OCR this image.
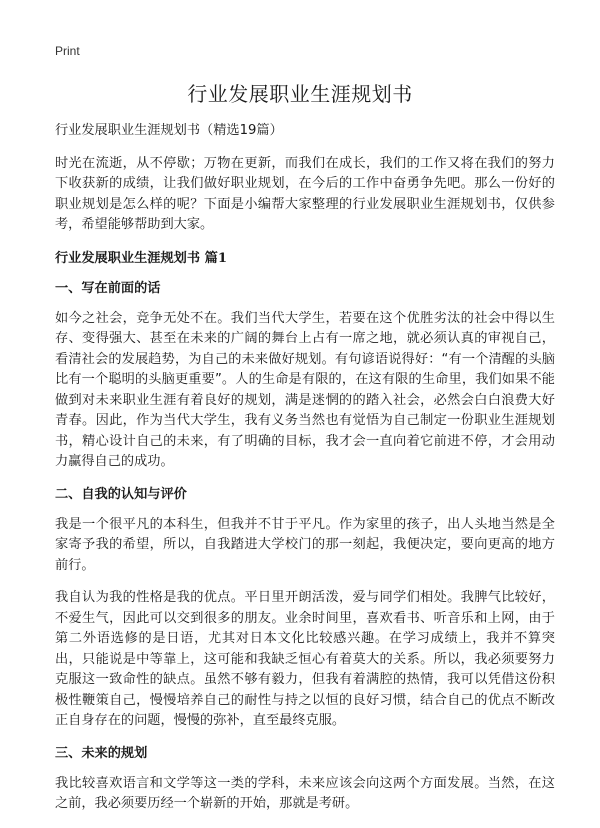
Print
行业发展职业生涯规划书

行业发展职业生涯规划书（精选19篇）

时光在流逝，从不停歇；万物在更新，而我们在成长，我们的工作又将在我们的努力下收获新的成绩，让我们做好职业规划，在今后的工作中奋勇争先吧。那么一份好的职业规划是怎么样的呢？下面是小编帮大家整理的行业发展职业生涯规划书，仅供参考，希望能够帮助到大家。

行业发展职业生涯规划书 篇1
一、写在前面的话

如今之社会，竞争无处不在。我们当代大学生，若要在这个优胜劣汰的社会中得以生存、变得强大、甚至在未来的广阔的舞台上占有一席之地，就必须认真的审视自己，看清社会的发展趋势，为自己的未来做好规划。有句谚语说得好：“有一个清醒的头脑比有一个聪明的头脑更重要”。人的生命是有限的，在这有限的生命里，我们如果不能做到对未来职业生涯有着良好的规划，满是迷惘的的踏入社会，必然会白白浪费大好青春。因此，作为当代大学生，我有义务当然也有觉悟为自己制定一份职业生涯规划书，精心设计自己的未来，有了明确的目标，我才会一直向着它前进不停，才会用动力赢得自己的成功。

二、自我的认知与评价

我是一个很平凡的本科生，但我并不甘于平凡。作为家里的孩子，出人头地当然是全家寄予我的希望，所以，自我踏进大学校门的那一刻起，我便决定，要向更高的地方前行。

我自认为我的性格是我的优点。平日里开朗活泼，爱与同学们相处。我脾气比较好，不爱生气，因此可以交到很多的朋友。业余时间里，喜欢看书、听音乐和上网，由于第二外语选修的是日语，尤其对日本文化比较感兴趣。在学习成绩上，我并不算突出，只能说是中等靠上，这可能和我缺乏恒心有着莫大的关系。所以，我必须要努力克服这一致命性的缺点。虽然不够有毅力，但我有着满腔的热情，我可以凭借这份积极性鞭策自己，慢慢培养自己的耐性与持之以恒的良好习惯，结合自己的优点不断改正自身存在的问题，慢慢的弥补，直至最终克服。

三、未来的规划

我比较喜欢语言和文学等这一类的学科，未来应该会向这两个方面发展。当然，在这之前，我必须要历经一个崭新的开始，那就是考研。
